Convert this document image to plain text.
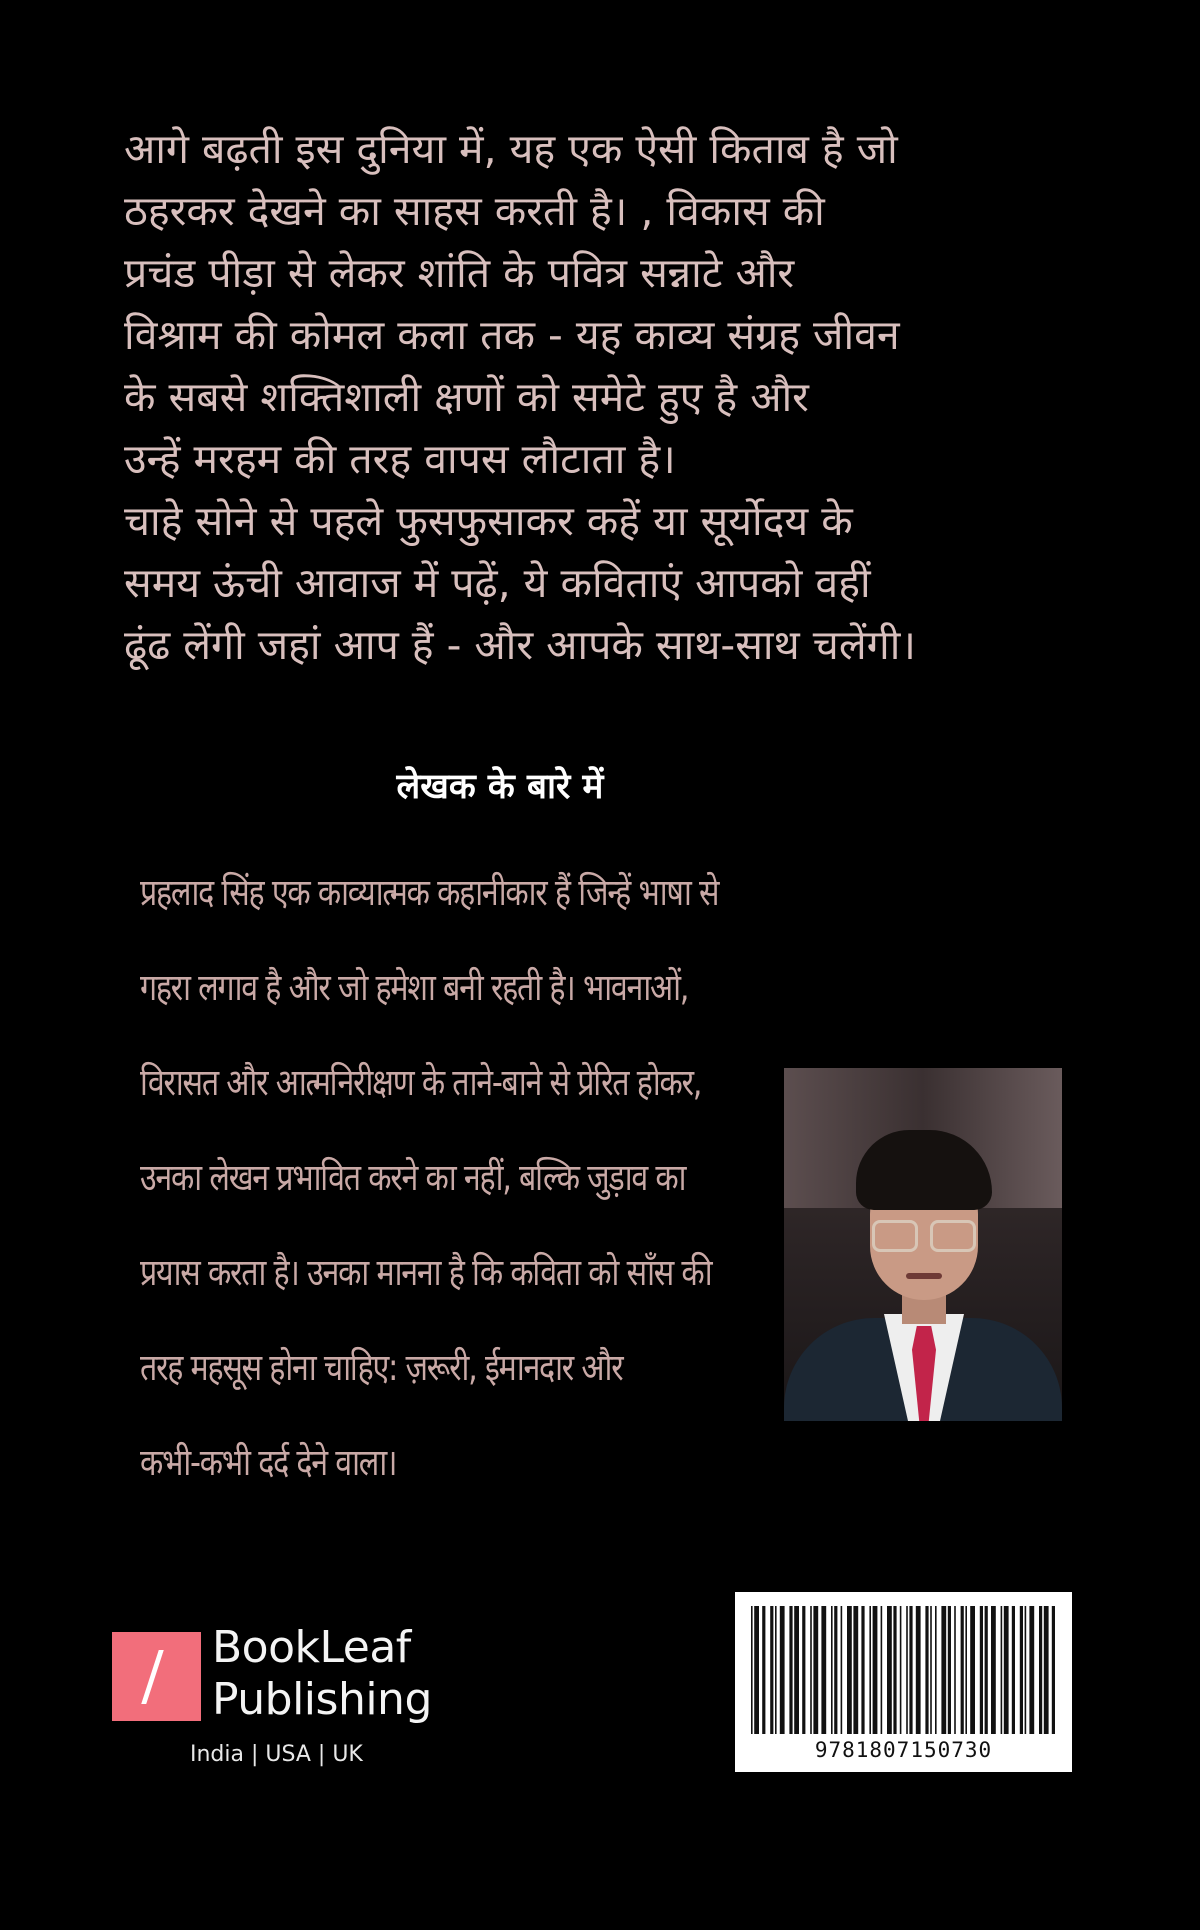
आगे बढ़ती इस दुनिया में, यह एक ऐसी किताब है जो
ठहरकर देखने का साहस करती है। , विकास की
प्रचंड पीड़ा से लेकर शांति के पवित्र सन्नाटे और
विश्राम की कोमल कला तक - यह काव्य संग्रह जीवन
के सबसे शक्तिशाली क्षणों को समेटे हुए है और
उन्हें मरहम की तरह वापस लौटाता है।
चाहे सोने से पहले फुसफुसाकर कहें या सूर्योदय के
समय ऊंची आवाज में पढ़ें, ये कविताएं आपको वहीं
ढूंढ लेंगी जहां आप हैं - और आपके साथ-साथ चलेंगी।
लेखक के बारे में
प्रहलाद सिंह एक काव्यात्मक कहानीकार हैं जिन्हें भाषा से
गहरा लगाव है और जो हमेशा बनी रहती है। भावनाओं,
विरासत और आत्मनिरीक्षण के ताने-बाने से प्रेरित होकर,
उनका लेखन प्रभावित करने का नहीं, बल्कि जुड़ाव का
प्रयास करता है। उनका मानना है कि कविता को साँस की
तरह महसूस होना चाहिए: ज़रूरी, ईमानदार और
कभी-कभी दर्द देने वाला।
BookLeaf
Publishing
India | USA | UK	9781807150730
